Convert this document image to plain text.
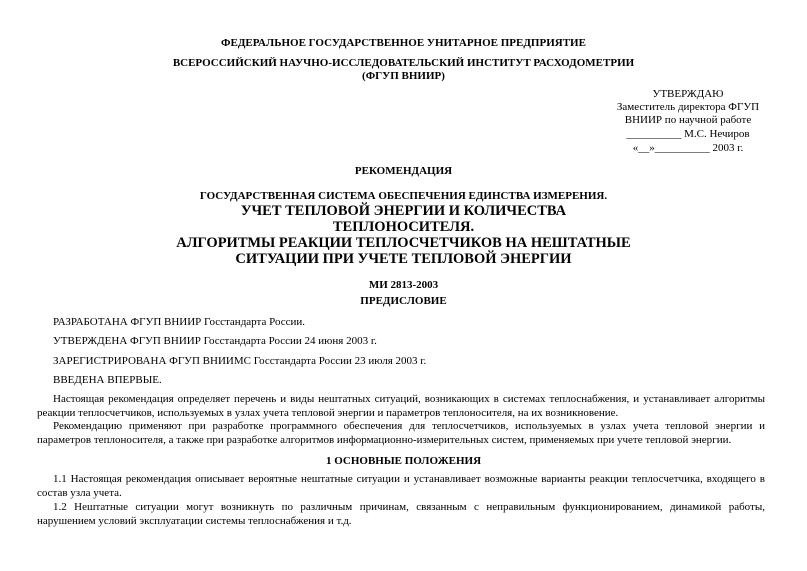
ФЕДЕРАЛЬНОЕ ГОСУДАРСТВЕННОЕ УНИТАРНОЕ ПРЕДПРИЯТИЕ
ВСЕРОССИЙСКИЙ НАУЧНО-ИССЛЕДОВАТЕЛЬСКИЙ ИНСТИТУТ РАСХОДОМЕТРИИ
(ФГУП ВНИИР)
УТВЕРЖДАЮ
Заместитель директора ФГУП
ВНИИР по научной работе
__________ М.С. Нечиров
«__»__________ 2003 г.
РЕКОМЕНДАЦИЯ
ГОСУДАРСТВЕННАЯ СИСТЕМА ОБЕСПЕЧЕНИЯ ЕДИНСТВА ИЗМЕРЕНИЯ.
УЧЕТ ТЕПЛОВОЙ ЭНЕРГИИ И КОЛИЧЕСТВА
ТЕПЛОНОСИТЕЛЯ.
АЛГОРИТМЫ РЕАКЦИИ ТЕПЛОСЧЕТЧИКОВ НА НЕШТАТНЫЕ
СИТУАЦИИ ПРИ УЧЕТЕ ТЕПЛОВОЙ ЭНЕРГИИ
МИ 2813-2003
ПРЕДИСЛОВИЕ
РАЗРАБОТАНА ФГУП ВНИИР Госстандарта России.
УТВЕРЖДЕНА ФГУП ВНИИР Госстандарта России 24 июня 2003 г.
ЗАРЕГИСТРИРОВАНА ФГУП ВНИИМС Госстандарта России 23 июля 2003 г.
ВВЕДЕНА ВПЕРВЫЕ.

Настоящая рекомендация определяет перечень и виды нештатных ситуаций, возникающих в системах теплоснабжения, и устанавливает алгоритмы реакции теплосчетчиков, используемых в узлах учета тепловой энергии и параметров теплоносителя, на их возникновение.

Рекомендацию применяют при разработке программного обеспечения для теплосчетчиков, используемых в узлах учета тепловой энергии и параметров теплоносителя, а также при разработке алгоритмов информационно-измерительных систем, применяемых при учете тепловой энергии.

1 ОСНОВНЫЕ ПОЛОЖЕНИЯ

1.1 Настоящая рекомендация описывает вероятные нештатные ситуации и устанавливает возможные варианты реакции теплосчетчика, входящего в состав узла учета.

1.2 Нештатные ситуации могут возникнуть по различным причинам, связанным с неправильным функционированием, динамикой работы, нарушением условий эксплуатации системы теплоснабжения и т.д.
